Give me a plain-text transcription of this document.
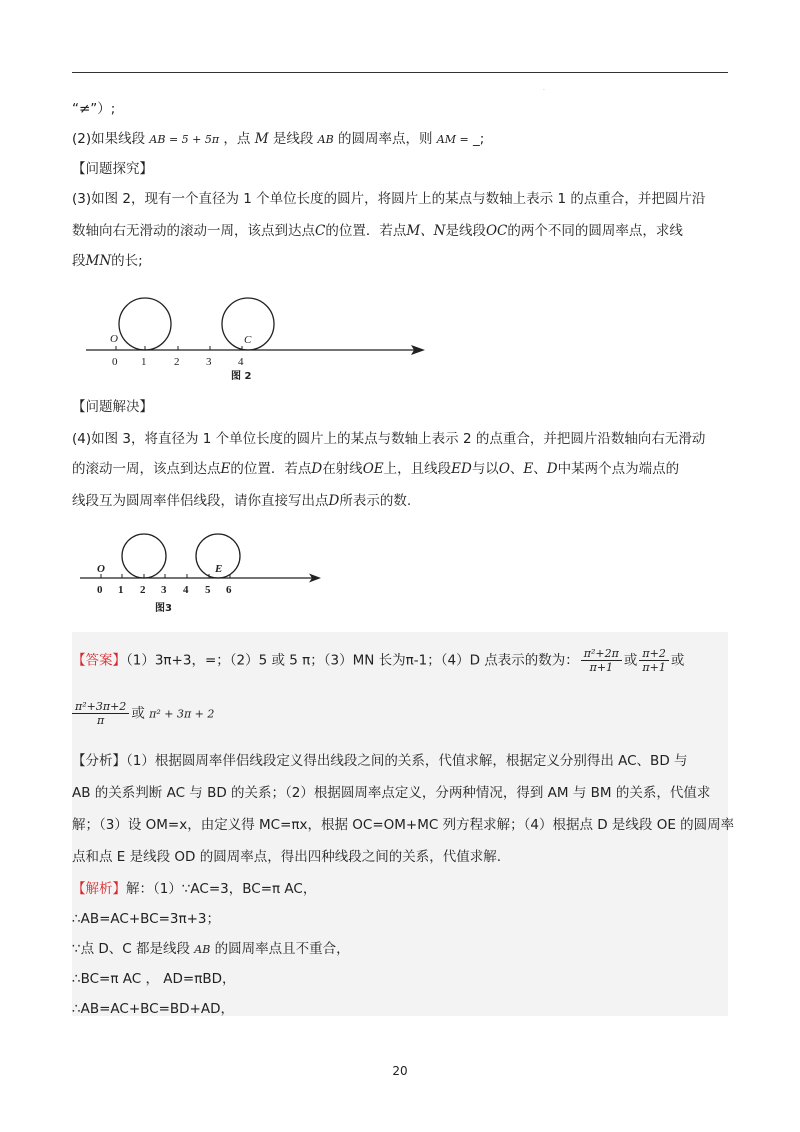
.
“≠”）;
(2)如果线段 AB = 5 + 5π ，点 M 是线段 AB 的圆周率点，则 AM = _;
【问题探究】
(3)如图 2，现有一个直径为 1 个单位长度的圆片，将圆片上的某点与数轴上表示 1 的点重合，并把圆片沿
数轴向右无滑动的滚动一周，该点到达点C的位置．若点M、N是线段OC的两个不同的圆周率点，求线
段MN的长;
0 1	2 3 4
O	C
图 2
【问题解决】
(4)如图 3，将直径为 1 个单位长度的圆片上的某点与数轴上表示 2 的点重合，并把圆片沿数轴向右无滑动
的滚动一周，该点到达点E的位置．若点D在射线OE上，且线段ED与以O、E、D中某两个点为端点的
线段互为圆周率伴侣线段，请你直接写出点D所表示的数.
0 1 2 3 4 5 6
O	E
图3
【答案】（1）3π+3，=；（2）5 或 5 π；（3）MN 长为π-1；（4）D 点表示的数为： $\frac{\text{π²+2π}}{\pi+1}$ 或 $\frac{\pi+2}{\pi+1}$ 或
$\frac{\text{π²+3π+2}}{\pi}$ 或 π² + 3π + 2
【分析】（1）根据圆周率伴侣线段定义得出线段之间的关系，代值求解，根据定义分别得出 AC、BD 与
AB 的关系判断 AC 与 BD 的关系；（2）根据圆周率点定义，分两种情况，得到 AM 与 BM 的关系，代值求
解；（3）设 OM=x，由定义得 MC=πx，根据 OC=OM+MC 列方程求解；（4）根据点 D 是线段 OE 的圆周率
点和点 E 是线段 OD 的圆周率点，得出四种线段之间的关系，代值求解.
【解析】解：（1）∵AC=3，BC=π AC，
∴AB=AC+BC=3π+3；
∵点 D、C 都是线段 AB 的圆周率点且不重合，
∴BC=π AC ， AD=πBD，
∴AB=AC+BC=BD+AD，
20
